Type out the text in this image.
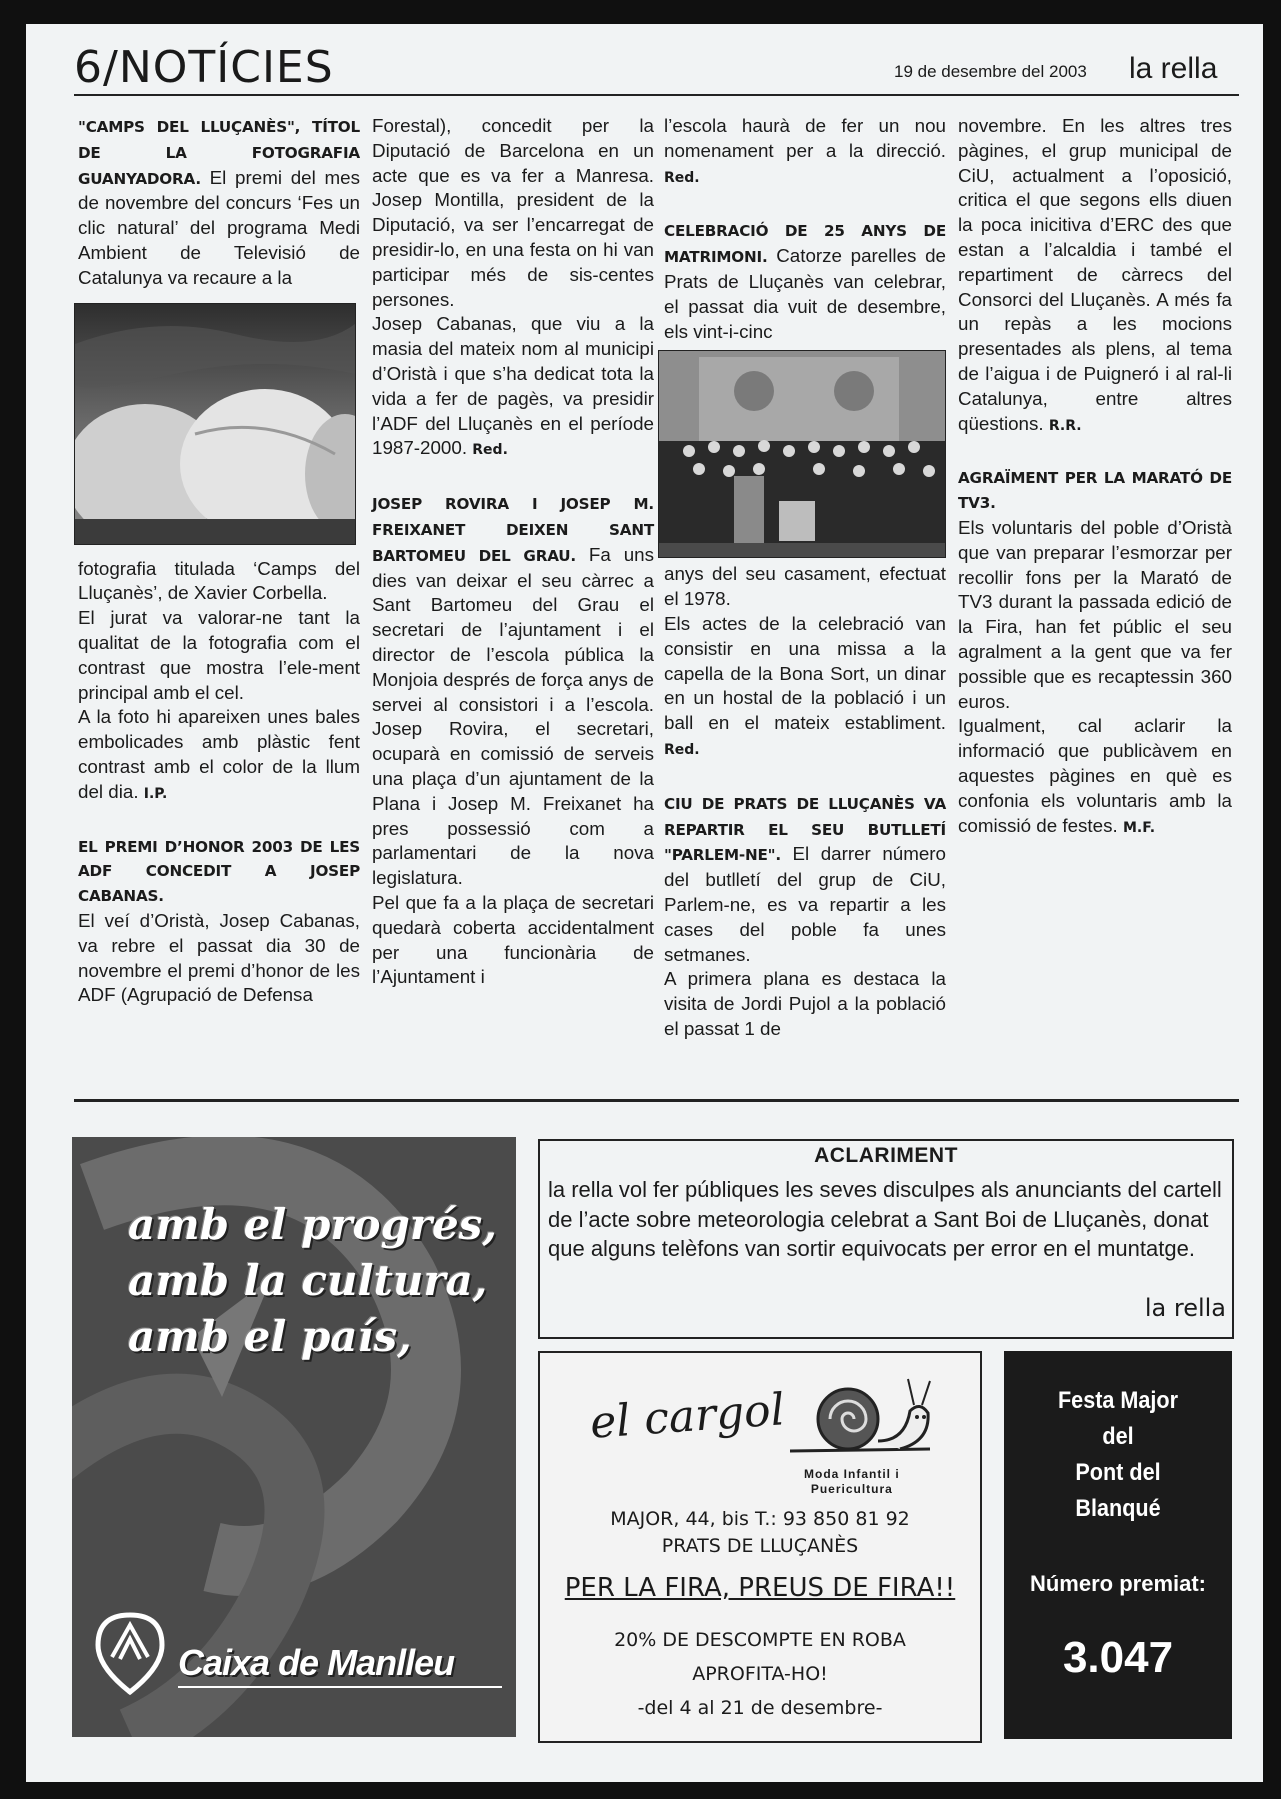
6/NOTÍCIES	19 de desembre del 2003 la rella

"CAMPS DEL LLUÇANÈS", TÍTOL DE LA FOTOGRAFIA GUANYADORA. El premi del mes de novembre del concurs ‘Fes un clic natural’ del programa Medi Ambient de Televisió de Catalunya va recaure a la

fotografia titulada ‘Camps del Lluçanès’, de Xavier Corbella.

El jurat va valorar-ne tant la qualitat de la fotografia com el contrast que mostra l’ele-ment principal amb el cel.

A la foto hi apareixen unes bales embolicades amb plàstic fent contrast amb el color de la llum del dia. I.P.

EL PREMI D’HONOR 2003 DE LES ADF CONCEDIT A JOSEP CABANAS.

El veí d’Oristà, Josep Cabanas, va rebre el passat dia 30 de novembre el premi d’honor de les ADF (Agrupació de Defensa

Forestal), concedit per la Diputació de Barcelona en un acte que es va fer a Manresa. Josep Montilla, president de la Diputació, va ser l’encarregat de presidir-lo, en una festa on hi van participar més de sis-centes persones.

Josep Cabanas, que viu a la masia del mateix nom al municipi d’Oristà i que s’ha dedicat tota la vida a fer de pagès, va presidir l’ADF del Lluçanès en el període 1987-2000. Red.

JOSEP ROVIRA I JOSEP M. FREIXANET DEIXEN SANT BARTOMEU DEL GRAU. Fa uns dies van deixar el seu càrrec a Sant Bartomeu del Grau el secretari de l’ajuntament i el director de l’escola pública la Monjoia després de força anys de servei al consistori i a l’escola. Josep Rovira, el secretari, ocuparà en comissió de serveis una plaça d’un ajuntament de la Plana i Josep M. Freixanet ha pres possessió com a parlamentari de la nova legislatura.

Pel que fa a la plaça de secretari quedarà coberta accidentalment per una funcionària de l’Ajuntament i

l’escola haurà de fer un nou nomenament per a la direcció. Red.

CELEBRACIÓ DE 25 ANYS DE MATRIMONI. Catorze parelles de Prats de Lluçanès van celebrar, el passat dia vuit de desembre, els vint-i-cinc

anys del seu casament, efectuat el 1978.

Els actes de la celebració van consistir en una missa a la capella de la Bona Sort, un dinar en un hostal de la població i un ball en el mateix establiment. Red.

CIU DE PRATS DE LLUÇANÈS VA REPARTIR EL SEU BUTLLETÍ "PARLEM-NE". El darrer número del butlletí del grup de CiU, Parlem-ne, es va repartir a les cases del poble fa unes setmanes.

A primera plana es destaca la visita de Jordi Pujol a la població el passat 1 de

novembre. En les altres tres pàgines, el grup municipal de CiU, actualment a l’oposició, critica el que segons ells diuen la poca inicitiva d’ERC des que estan a l’alcaldia i també el repartiment de càrrecs del Consorci del Lluçanès. A més fa un repàs a les mocions presentades als plens, al tema de l’aigua i de Puigneró i al ral-li Catalunya, entre altres qüestions. R.R.

AGRAÏMENT PER LA MARATÓ DE TV3.

Els voluntaris del poble d’Oristà que van preparar l’esmorzar per recollir fons per la Marató de TV3 durant la passada edició de la Fira, han fet públic el seu agralment a la gent que va fer possible que es recaptessin 360 euros.

Igualment, cal aclarir la informació que publicàvem en aquestes pàgines en què es confonia els voluntaris amb la comissió de festes. M.F.

amb el progrés,
amb la cultura,
amb el país,
Caixa de Manlleu
ACLARIMENT
la rella vol fer públiques les seves disculpes als anunciants del cartell de l’acte sobre meteorologia celebrat a Sant Boi de Lluçanès, donat que alguns telèfons van sortir equivocats per error en el muntatge.
la rella
el cargol
Moda Infantil i
Puericultura
MAJOR, 44, bis T.: 93 850 81 92
PRATS DE LLUÇANÈS
PER LA FIRA, PREUS DE FIRA!!
20% DE DESCOMPTE EN ROBA
APROFITA-HO!
-del 4 al 21 de desembre-
Festa Major
del
Pont del
Blanqué
Número premiat:
3.047
